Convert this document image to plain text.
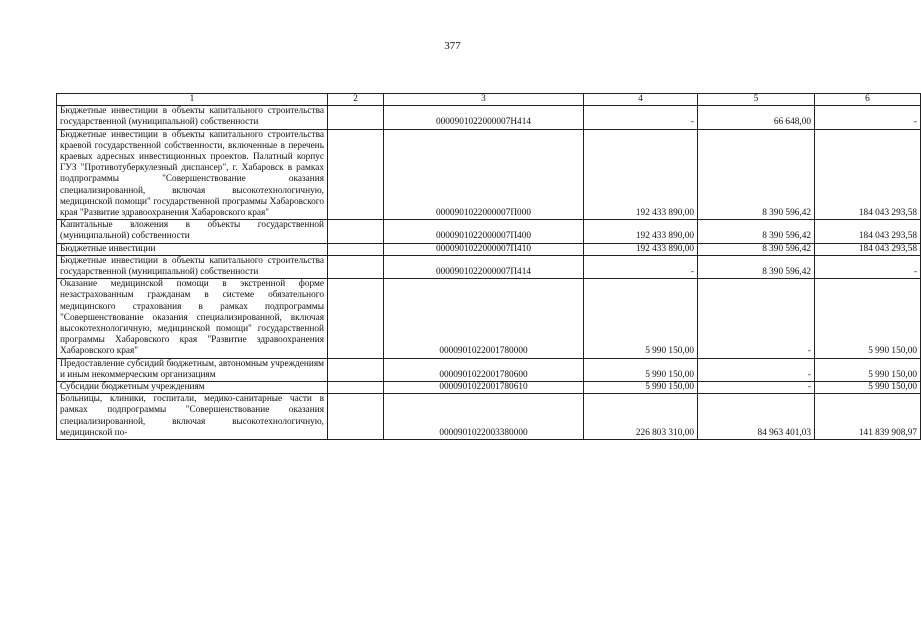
377
1	2	3	4	5	6
Бюджетные инвестиции в объекты капитального строительства государственной (муниципальной) собственности		0000901022000007Н414	-	66 648,00	-
Бюджетные инвестиции в объекты капитального строительства краевой государственной собственности, включенные в перечень краевых адресных инвестиционных проектов. Палатный корпус ГУЗ "Противотуберкулезный диспансер", г. Хабаровск в рамках подпрограммы "Совершенствование оказания специализированной, включая высокотехнологичную, медицинской помощи" государственной программы Хабаровского края "Развитие здравоохранения Хабаровского края"		0000901022000007П000	192 433 890,00	8 390 596,42	184 043 293,58
Капитальные вложения в объекты государственной (муниципальной) собственности		0000901022000007П400	192 433 890,00	8 390 596,42	184 043 293,58
Бюджетные инвестиции		0000901022000007П410	192 433 890,00	8 390 596,42	184 043 293,58
Бюджетные инвестиции в объекты капитального строительства государственной (муниципальной) собственности		0000901022000007П414	-	8 390 596,42	-
Оказание медицинской помощи в экстренной форме незастрахованным гражданам в системе обязательного медицинского страхования в рамках подпрограммы "Совершенствование оказания специализированной, включая высокотехнологичную, медицинской помощи" государственной программы Хабаровского края "Развитие здравоохранения Хабаровского края"		0000901022001780000	5 990 150,00	-	5 990 150,00
Предоставление субсидий бюджетным, автономным учреждениям и иным некоммерческим организациям		0000901022001780600	5 990 150,00	-	5 990 150,00
Субсидии бюджетным учреждениям		0000901022001780610	5 990 150,00	-	5 990 150,00
Больницы, клиники, госпитали, медико-санитарные части в рамках подпрограммы "Совершенствование оказания специализированной, включая высокотехнологичную, медицинской по-		0000901022003380000	226 803 310,00	84 963 401,03	141 839 908,97
